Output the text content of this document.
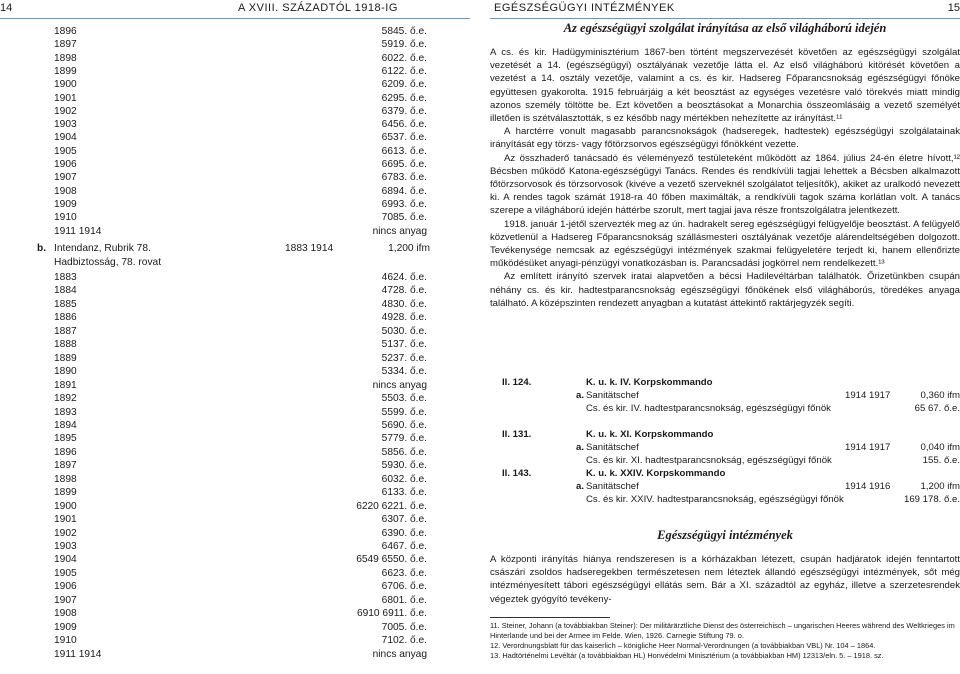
14	A XVIII. SZÁZADTÓL 1918-IG
1896	5845. ő.e.
1897	5919. ő.e.
1898	6022. ő.e.
1899	6122. ő.e.
1900	6209. ő.e.
1901	6295. ő.e.
1902	6379. ő.e.
1903	6456. ő.e.
1904	6537. ő.e.
1905	6613. ő.e.
1906	6695. ő.e.
1907	6783. ő.e.
1908	6894. ő.e.
1909	6993. ő.e.
1910	7085. ő.e.
1911 1914	nincs anyag
b. Intendanz, Rubrik 78.	1883 1914	1,200 ifm
Hadbiztosság, 78. rovat
1883	4624. ő.e.
1884	4728. ő.e.
1885	4830. ő.e.
1886	4928. ő.e.
1887	5030. ő.e.
1888	5137. ő.e.
1889	5237. ő.e.
1890	5334. ő.e.
1891	nincs anyag
1892	5503. ő.e.
1893	5599. ő.e.
1894	5690. ő.e.
1895	5779. ő.e.
1896	5856. ő.e.
1897	5930. ő.e.
1898	6032. ő.e.
1899	6133. ő.e.
1900	6220 6221. ő.e.
1901	6307. ő.e.
1902	6390. ő.e.
1903	6467. ő.e.
1904	6549 6550. ő.e.
1905	6623. ő.e.
1906	6706. ő.e.
1907	6801. ő.e.
1908	6910 6911. ő.e.
1909	7005. ő.e.
1910	7102. ő.e.
1911 1914	nincs anyag
EGÉSZSÉGÜGYI INTÉZMÉNYEK	15
Az egészségügyi szolgálat irányítása az első világháború idején

A cs. és kir. Hadügyminisztérium 1867-ben történt megszervezését követően az egészségügyi szolgálat vezetését a 14. (egészségügyi) osztályának vezetője látta el. Az első világháború kitörését követően a vezetést a 14. osztály vezetője, valamint a cs. és kir. Hadsereg Főparancsnokság egészségügyi főnöke együttesen gyakorolta. 1915 februárjáig a két beosztást az egységes vezetésre való törekvés miatt mindig azonos személy töltötte be. Ezt követően a beosztásokat a Monarchia összeomlásáig a vezető személyét illetően is szétválasztották, s ez később nagy mértékben nehezítette az irányítást.¹¹

A harctérre vonult magasabb parancsnokságok (hadseregek, hadtestek) egészségügyi szolgálatainak irányítását egy törzs- vagy főtörzsorvos egészségügyi főnökként vezette.

Az összhaderő tanácsadó és véleményező testületeként működött az 1864. július 24-én életre hívott,¹² Bécsben működő Katona-egészségügyi Tanács. Rendes és rendkívüli tagjai lehettek a Bécsben alkalmazott főtörzsorvosok és törzsorvosok (kivéve a vezető szerveknél szolgálatot teljesítők), akiket az uralkodó nevezett ki. A rendes tagok számát 1918-ra 40 főben maximálták, a rendkívüli tagok száma korlátlan volt. A tanács szerepe a világháború idején háttérbe szorult, mert tagjai java része frontszolgálatra jelentkezett.

1918. január 1-jétől szervezték meg az ún. hadrakelt sereg egészségügyi felügyelője beosztást. A felügyelő közvetlenül a Hadsereg Főparancsnokság szállásmesteri osztályának vezetője alárendeltségében dolgozott. Tevékenysége nemcsak az egészségügyi intézmények szakmai felügyeletére terjedt ki, hanem ellenőrizte működésüket anyagi-pénzügyi vonatkozásban is. Parancsadási jogkörrel nem rendelkezett.¹³

Az említett irányító szervek iratai alapvetően a bécsi Hadilevéltárban találhatók. Őrizetünkben csupán néhány cs. és kir. hadtestparancsnokság egészségügyi főnökének első világháborús, töredékes anyaga található. A középszinten rendezett anyagban a kutatást áttekintő raktárjegyzék segíti.

II. 124.	K. u. k. IV. Korpskommando
a. Sanitätschef	1914 1917	0,360 ifm
Cs. és kir. IV. hadtestparancsnokság, egészségügyi főnök	65 67. ő.e.
II. 131.	K. u. k. XI. Korpskommando
a. Sanitätschef	1914 1917	0,040 ifm
Cs. és kir. XI. hadtestparancsnokság, egészségügyi főnök	155. ő.e.
II. 143.	K. u. k. XXIV. Korpskommando
a. Sanitätschef	1914 1916	1,200 ifm
Cs. és kir. XXIV. hadtestparancsnokság, egészségügyi főnök	169 178. ő.e.
Egészségügyi intézmények
A központi irányítás hiánya rendszeresen is a kórházakban létezett, csupán hadjáratok idején fenntartott császári zsoldos hadseregekben természetesen nem léteztek állandó egészségügyi intézmények, sőt még intézményesített tábori egészségügyi ellátás sem. Bár a XI. századtól az egyház, illetve a szerzetesrendek végeztek gyógyító tevékeny-
11. Steiner, Johann (a továbbiakban Steiner): Der militärärztliche Dienst des österreichisch – ungarischen Heeres während des Weltkrieges im Hinterlande und bei der Armee im Felde. Wien, 1926. Carnegie Stiftung 79. o.
12. Verordnungsblatt für das kaiserlich – königliche Heer Normal-Verordnungen (a továbbiakban VBL) Nr. 104 – 1864.
13. Hadtörténelmi Levéltár (a továbbiakban HL) Honvédelmi Minisztérium (a továbbiakban HM) 12313/eln. 5. – 1918. sz.
